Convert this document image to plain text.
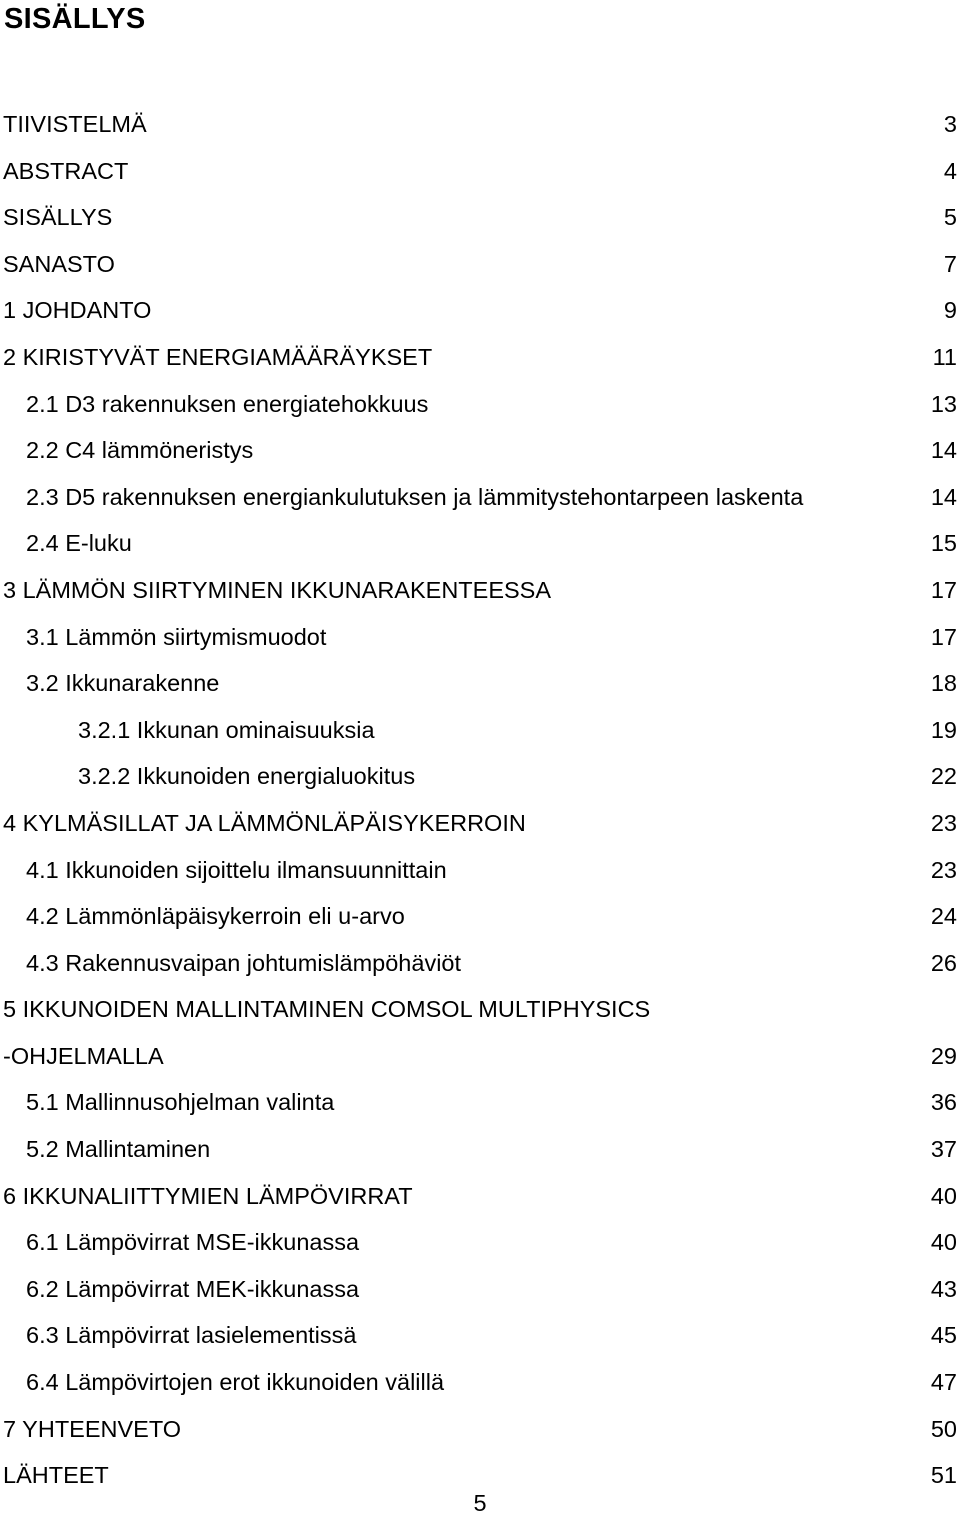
SISÄLLYS
TIIVISTELMÄ	3
ABSTRACT	4
SISÄLLYS	5
SANASTO	7
1 JOHDANTO	9
2 KIRISTYVÄT ENERGIAMÄÄRÄYKSET	11
2.1 D3 rakennuksen energiatehokkuus	13
2.2 C4 lämmöneristys	14
2.3 D5 rakennuksen energiankulutuksen ja lämmitystehontarpeen laskenta	14
2.4 E-luku	15
3 LÄMMÖN SIIRTYMINEN IKKUNARAKENTEESSA	17
3.1 Lämmön siirtymismuodot	17
3.2 Ikkunarakenne	18
3.2.1 Ikkunan ominaisuuksia	19
3.2.2 Ikkunoiden energialuokitus	22
4 KYLMÄSILLAT JA LÄMMÖNLÄPÄISYKERROIN	23
4.1 Ikkunoiden sijoittelu ilmansuunnittain	23
4.2 Lämmönläpäisykerroin eli u-arvo	24
4.3 Rakennusvaipan johtumislämpöhäviöt	26
5 IKKUNOIDEN MALLINTAMINEN COMSOL MULTIPHYSICS
-OHJELMALLA	29
5.1 Mallinnusohjelman valinta	36
5.2 Mallintaminen	37
6 IKKUNALIITTYMIEN LÄMPÖVIRRAT	40
6.1 Lämpövirrat MSE-ikkunassa	40
6.2 Lämpövirrat MEK-ikkunassa	43
6.3 Lämpövirrat lasielementissä	45
6.4 Lämpövirtojen erot ikkunoiden välillä	47
7 YHTEENVETO	50
LÄHTEET	51
5
